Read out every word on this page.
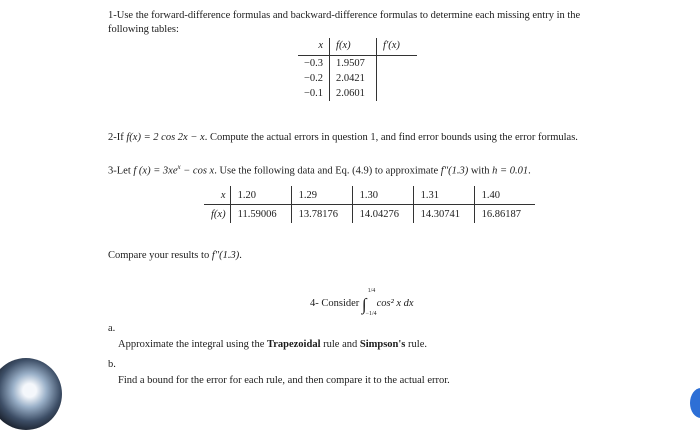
1-Use the forward-difference formulas and backward-difference formulas to determine each missing entry in the
following tables:
x	f(x)	f′(x)
−0.3	1.9507	
−0.2	2.0421	
−0.1	2.0601	
2-If f(x) = 2 cos 2x − x. Compute the actual errors in question 1, and find error bounds using the error formulas.
3-Let f $(x) = 3xe^x - \cos x$. Use the following data and Eq. (4.9) to approximate f″(1.3) with h = 0.01.
x	1.20	1.29	1.30	1.31	1.40
f(x)	11.59006	13.78176	14.04276	14.30741	16.86187
Compare your results to f″(1.3).
4- Consider ∫
1/4
−1/4
cos² x dx
a.
Approximate the integral using the Trapezoidal rule and Simpson's rule.
b.
Find a bound for the error for each rule, and then compare it to the actual error.
